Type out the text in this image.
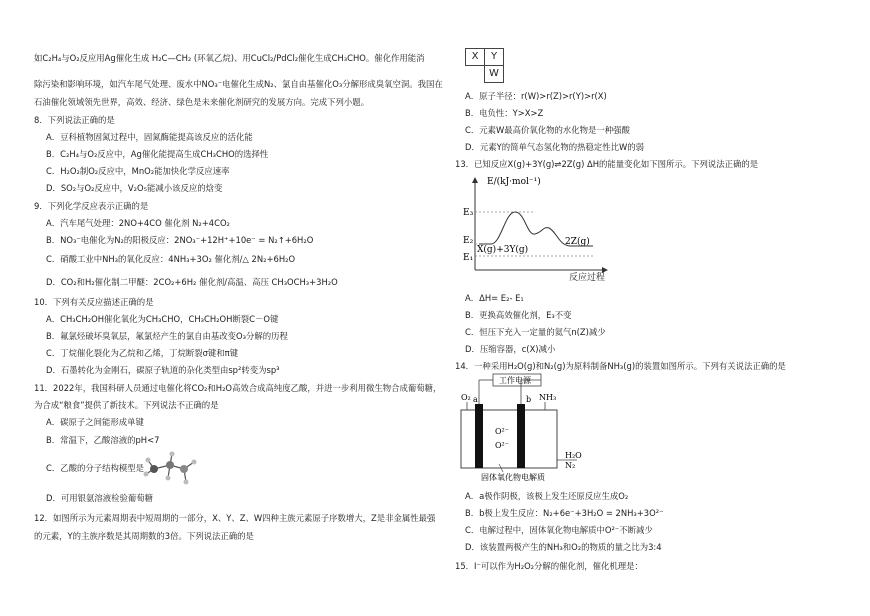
如C₂H₄与O₂反应用Ag催化生成 H₂C—CH₂ (环氧乙烷)、用CuCl₂/PdCl₂催化生成CH₃CHO。催化作用能消
除污染和影响环境，如汽车尾气处理、废水中NO₃⁻电催化生成N₂、氯自由基催化O₃分解形成臭氧空洞。我国在
石油催化领域领先世界，高效、经济、绿色是未来催化剂研究的发展方向。完成下列小题。
8．下列说法正确的是
A．豆科植物固氮过程中，固氮酶能提高该反应的活化能
B．C₂H₄与O₂反应中，Ag催化能提高生成CH₃CHO的选择性
C．H₂O₂制O₂反应中，MnO₂能加快化学反应速率
D．SO₂与O₂反应中，V₂O₅能减小该反应的焓变
9．下列化学反应表示正确的是
A．汽车尾气处理：2NO+4CO 催化剂 N₂+4CO₂
B．NO₃⁻电催化为N₂的阳极反应：2NO₃⁻+12H⁺+10e⁻ = N₂↑+6H₂O
C．硝酸工业中NH₃的氧化反应：4NH₃+3O₂ 催化剂/△ 2N₂+6H₂O
D．CO₂和H₂催化制二甲醚：2CO₂+6H₂ 催化剂/高温、高压 CH₃OCH₃+3H₂O
10．下列有关反应描述正确的是
A．CH₃CH₂OH催化氧化为CH₃CHO，CH₃CH₂OH断裂C－O键
B．氟氯烃破坏臭氧层，氟氯烃产生的氯自由基改变O₃分解的历程
C．丁烷催化裂化为乙烷和乙烯，丁烷断裂σ键和π键
D．石墨转化为金刚石，碳原子轨道的杂化类型由sp²转变为sp³
11．2022年，我国科研人员通过电催化将CO₂和H₂O高效合成高纯度乙酸，并进一步利用微生物合成葡萄糖，
为合成“粮食”提供了新技术。下列说法不正确的是
A．碳原子之间能形成单键
B．常温下，乙酸溶液的pH<7
C．乙酸的分子结构模型是
D．可用银氨溶液检验葡萄糖
12．如图所示为元素周期表中短周期的一部分，X、Y、Z、W四种主族元素原子序数增大，Z是非金属性最强
的元素，Y的主族序数是其周期数的3倍。下列说法正确的是
X	Y
W
A．原子半径：r(W)>r(Z)>r(Y)>r(X)
B．电负性：Y>X>Z
C．元素W最高价氧化物的水化物是一种强酸
D．元素Y的简单气态氢化物的热稳定性比W的弱
13．已知反应X(g)+3Y(g)⇌2Z(g) ΔH的能量变化如下图所示。下列说法正确的是
E/(kJ·mol⁻¹)
E₃
E₂
E₁
X(g)+3Y(g)
2Z(g)
反应过程
A．ΔH= E₂- E₁
B．更换高效催化剂，E₃不变
C．恒压下充入一定量的氦气n(Z)减少
D．压缩容器，c(X)减小
14．一种采用H₂O(g)和N₂(g)为原料制备NH₃(g)的装置如图所示。下列有关说法正确的是
工作电源
O₂ a	b NH₃
O²⁻
O²⁻
H₂O
N₂
固体氧化物电解质
A．a极作阴极，该极上发生还原反应生成O₂
B．b极上发生反应：N₂+6e⁻+3H₂O = 2NH₃+3O²⁻
C．电解过程中，固体氧化物电解质中O²⁻不断减少
D．该装置两极产生的NH₃和O₂的物质的量之比为3:4
15．I⁻可以作为H₂O₂分解的催化剂，催化机理是：
